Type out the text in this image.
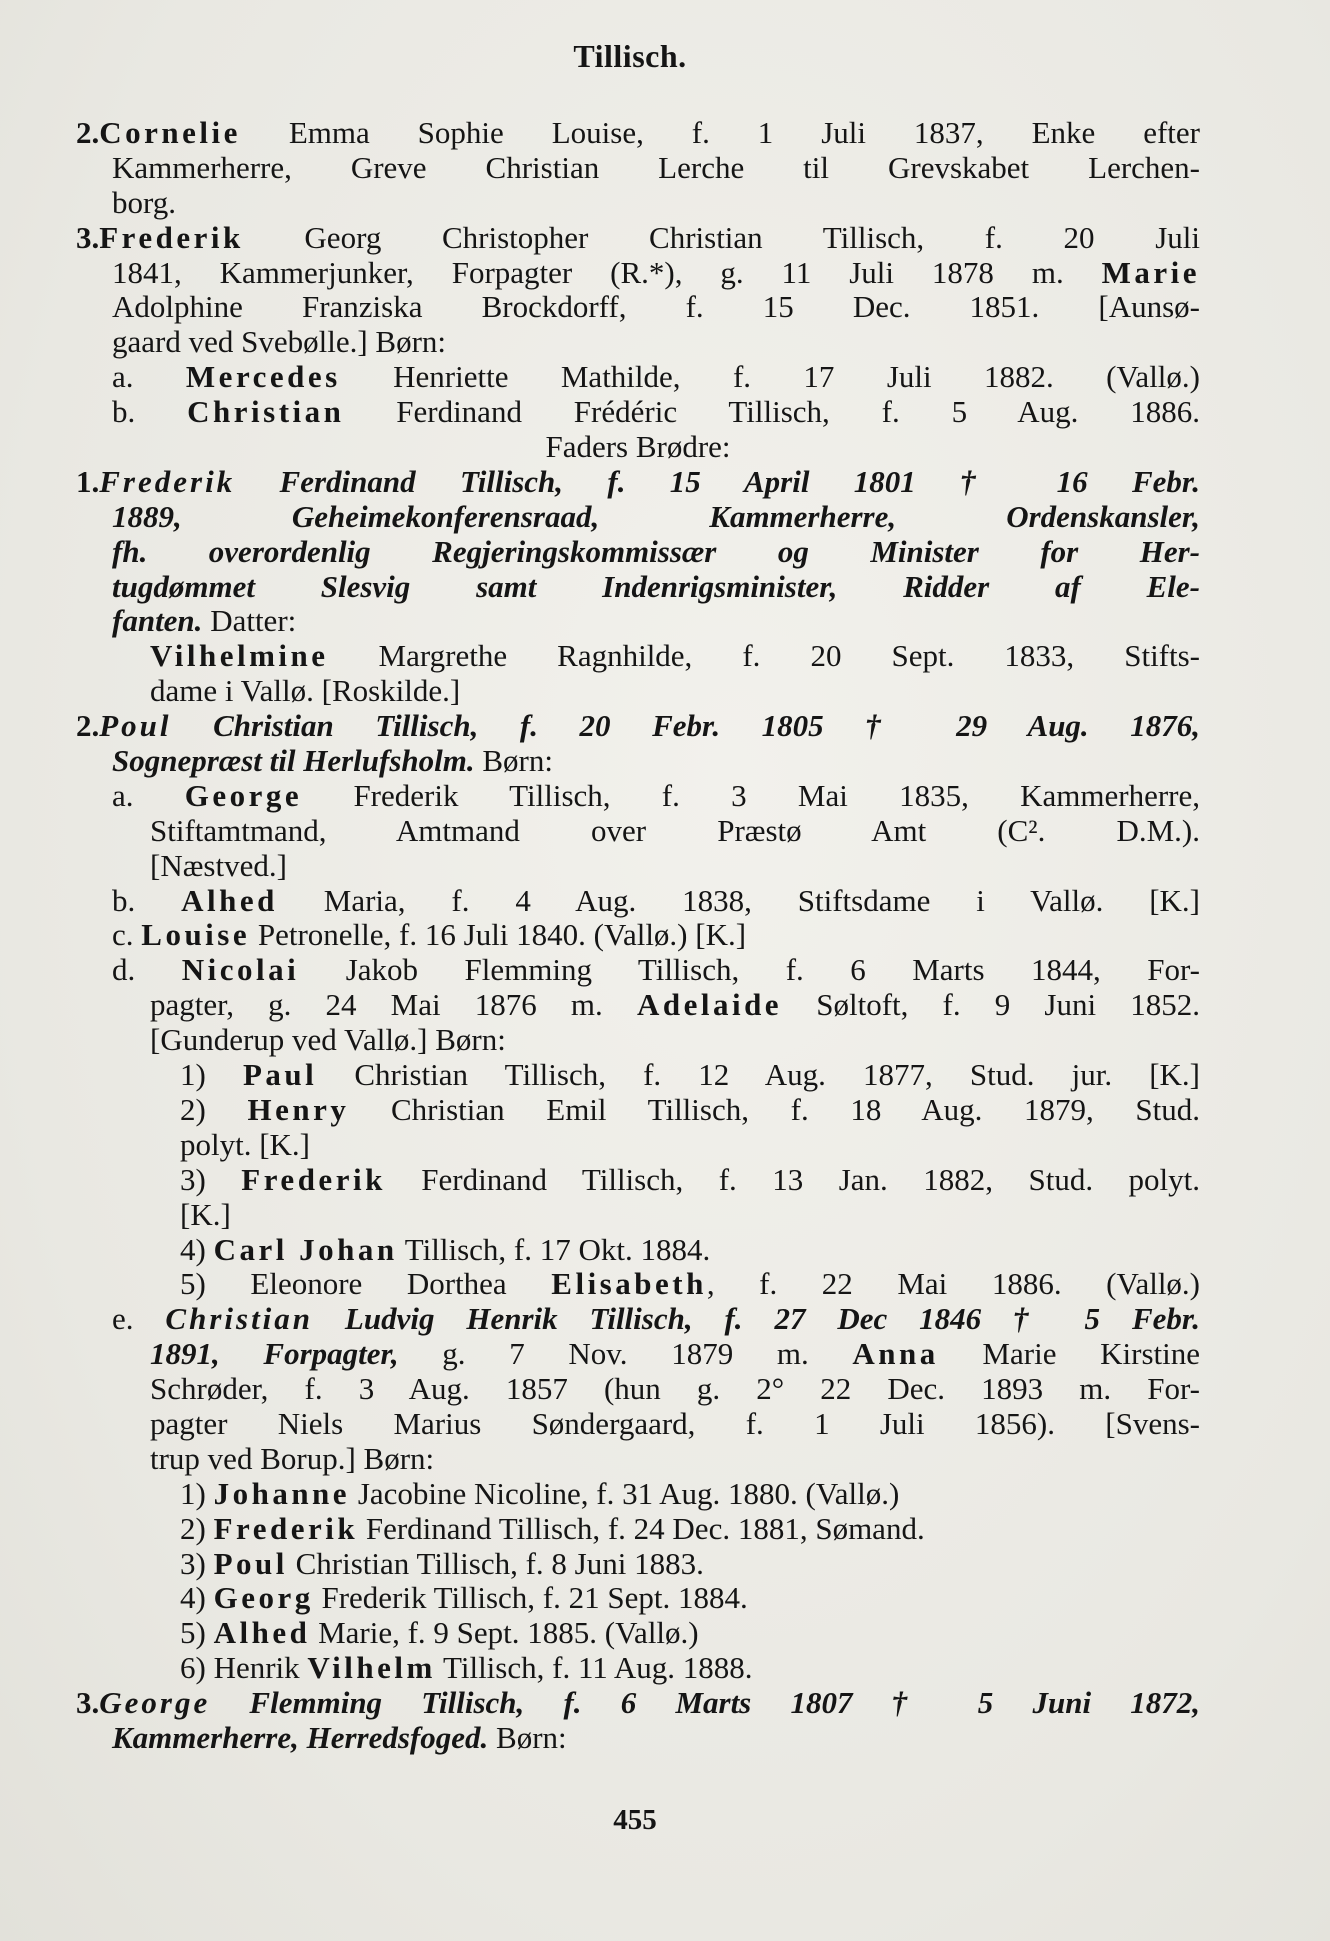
Tillisch.
2.Cornelie Emma Sophie Louise, f. 1 Juli 1837, Enke efter
Kammerherre, Greve Christian Lerche til Grevskabet Lerchen-
borg.
3.Frederik Georg Christopher Christian Tillisch, f. 20 Juli
1841, Kammerjunker, Forpagter (R.*), g. 11 Juli 1878 m. Marie
Adolphine Franziska Brockdorff, f. 15 Dec. 1851. [Aunsø-
gaard ved Svebølle.] Børn:
a. Mercedes Henriette Mathilde, f. 17 Juli 1882. (Vallø.)
b. Christian Ferdinand Frédéric Tillisch, f. 5 Aug. 1886.
Faders Brødre:
1.Frederik Ferdinand Tillisch, f. 15 April 1801 † 16 Febr.
1889, Geheimekonferensraad, Kammerherre, Ordenskansler,
fh. overordenlig Regjeringskommissær og Minister for Her-
tugdømmet Slesvig samt Indenrigsminister, Ridder af Ele-
fanten. Datter:
Vilhelmine Margrethe Ragnhilde, f. 20 Sept. 1833, Stifts-
dame i Vallø. [Roskilde.]
2.Poul Christian Tillisch, f. 20 Febr. 1805 † 29 Aug. 1876,
Sognepræst til Herlufsholm. Børn:
a. George Frederik Tillisch, f. 3 Mai 1835, Kammerherre,
Stiftamtmand, Amtmand over Præstø Amt (C². D.M.).
[Næstved.]
b. Alhed Maria, f. 4 Aug. 1838, Stiftsdame i Vallø. [K.]
c. Louise Petronelle, f. 16 Juli 1840. (Vallø.) [K.]
d. Nicolai Jakob Flemming Tillisch, f. 6 Marts 1844, For-
pagter, g. 24 Mai 1876 m. Adelaide Søltoft, f. 9 Juni 1852.
[Gunderup ved Vallø.] Børn:
1) Paul Christian Tillisch, f. 12 Aug. 1877, Stud. jur. [K.]
2) Henry Christian Emil Tillisch, f. 18 Aug. 1879, Stud.
polyt. [K.]
3) Frederik Ferdinand Tillisch, f. 13 Jan. 1882, Stud. polyt.
[K.]
4) Carl Johan Tillisch, f. 17 Okt. 1884.
5) Eleonore Dorthea Elisabeth, f. 22 Mai 1886. (Vallø.)
e. Christian Ludvig Henrik Tillisch, f. 27 Dec 1846 † 5 Febr.
1891, Forpagter, g. 7 Nov. 1879 m. Anna Marie Kirstine
Schrøder, f. 3 Aug. 1857 (hun g. 2° 22 Dec. 1893 m. For-
pagter Niels Marius Søndergaard, f. 1 Juli 1856). [Svens-
trup ved Borup.] Børn:
1) Johanne Jacobine Nicoline, f. 31 Aug. 1880. (Vallø.)
2) Frederik Ferdinand Tillisch, f. 24 Dec. 1881, Sømand.
3) Poul Christian Tillisch, f. 8 Juni 1883.
4) Georg Frederik Tillisch, f. 21 Sept. 1884.
5) Alhed Marie, f. 9 Sept. 1885. (Vallø.)
6) Henrik Vilhelm Tillisch, f. 11 Aug. 1888.
3.George Flemming Tillisch, f. 6 Marts 1807 † 5 Juni 1872,
Kammerherre, Herredsfoged. Børn:
455
